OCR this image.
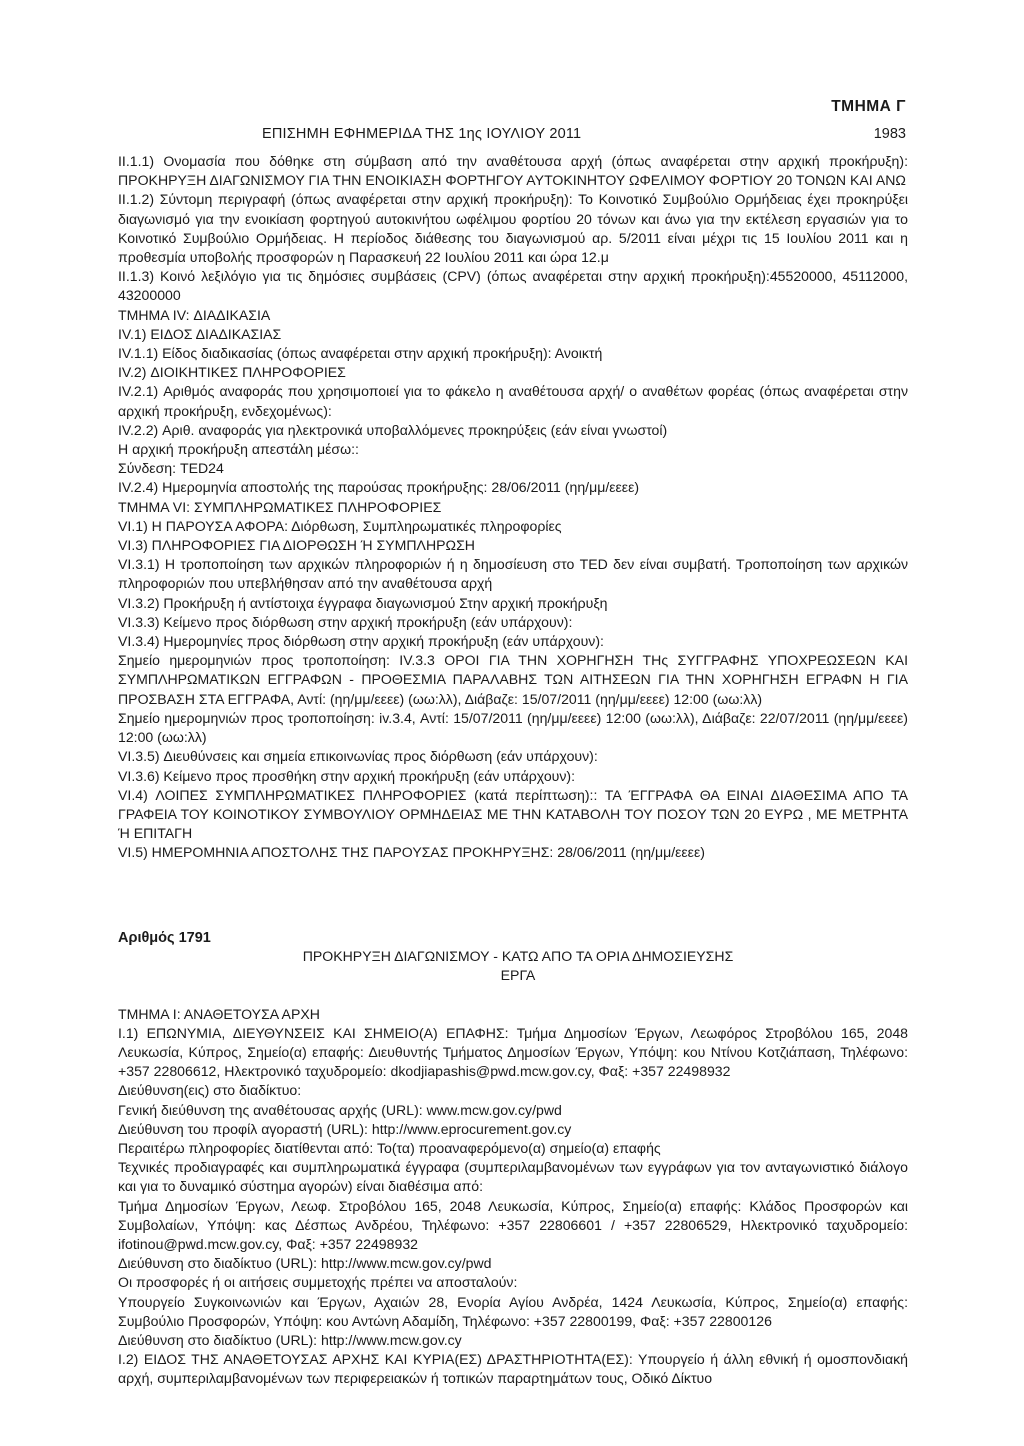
ΤΜΗΜΑ Γ
ΕΠΙΣΗΜΗ ΕΦΗΜΕΡΙΔΑ ΤΗΣ 1ης ΙΟΥΛΙΟΥ 2011	1983

ΙΙ.1.1) Ονομασία που δόθηκε στη σύμβαση από την αναθέτουσα αρχή (όπως αναφέρεται στην αρχική προκήρυξη): ΠΡΟΚΗΡΥΞΗ ΔΙΑΓΩΝΙΣΜΟΥ ΓΙΑ ΤΗΝ ΕΝΟΙΚΙΑΣΗ ΦΟΡΤΗΓΟΥ ΑΥΤΟΚΙΝΗΤΟΥ ΩΦΕΛΙΜΟΥ ΦΟΡΤΙΟΥ 20 ΤΟΝΩΝ ΚΑΙ ΑΝΩ

ΙΙ.1.2) Σύντομη περιγραφή (όπως αναφέρεται στην αρχική προκήρυξη): Το Κοινοτικό Συμβούλιο Ορμήδειας έχει προκηρύξει διαγωνισμό για την ενοικίαση φορτηγού αυτοκινήτου ωφέλιμου φορτίου 20 τόνων και άνω για την εκτέλεση εργασιών για το Κοινοτικό Συμβούλιο Ορμήδειας. Η περίοδος διάθεσης του διαγωνισμού αρ. 5/2011 είναι μέχρι τις 15 Ιουλίου 2011 και η προθεσμία υποβολής προσφορών η Παρασκευή 22 Ιουλίου 2011 και ώρα 12.μ

ΙΙ.1.3) Κοινό λεξιλόγιο για τις δημόσιες συμβάσεις (CPV) (όπως αναφέρεται στην αρχική προκήρυξη):45520000, 45112000, 43200000

ΤΜΗΜΑ IV: ΔΙΑΔΙΚΑΣΙΑ

IV.1) ΕΙΔΟΣ ΔΙΑΔΙΚΑΣΙΑΣ

IV.1.1) Είδος διαδικασίας (όπως αναφέρεται στην αρχική προκήρυξη): Ανοικτή

IV.2) ΔΙΟΙΚΗΤΙΚΕΣ ΠΛΗΡΟΦΟΡΙΕΣ

IV.2.1) Αριθμός αναφοράς που χρησιμοποιεί για το φάκελο η αναθέτουσα αρχή/ ο αναθέτων φορέας (όπως αναφέρεται στην αρχική προκήρυξη, ενδεχομένως):

IV.2.2) Αριθ. αναφοράς για ηλεκτρονικά υποβαλλόμενες προκηρύξεις (εάν είναι γνωστοί)

Η αρχική προκήρυξη απεστάλη μέσω::

Σύνδεση: TED24

IV.2.4) Ημερομηνία αποστολής της παρούσας προκήρυξης: 28/06/2011 (ηη/μμ/εεεε)

ΤΜΗΜΑ VI: ΣΥΜΠΛΗΡΩΜΑΤΙΚΕΣ ΠΛΗΡΟΦΟΡΙΕΣ

VI.1) Η ΠΑΡΟΥΣΑ ΑΦΟΡΑ: Διόρθωση, Συμπληρωματικές πληροφορίες

VI.3) ΠΛΗΡΟΦΟΡΙΕΣ ΓΙΑ ΔΙΟΡΘΩΣΗ Ή ΣΥΜΠΛΗΡΩΣΗ

VI.3.1) Η τροποποίηση των αρχικών πληροφοριών ή η δημοσίευση στο TED δεν είναι συμβατή. Τροποποίηση των αρχικών πληροφοριών που υπεβλήθησαν από την αναθέτουσα αρχή

VI.3.2) Προκήρυξη ή αντίστοιχα έγγραφα διαγωνισμού Στην αρχική προκήρυξη

VI.3.3) Κείμενο προς διόρθωση στην αρχική προκήρυξη (εάν υπάρχουν):

VI.3.4) Ημερομηνίες προς διόρθωση στην αρχική προκήρυξη (εάν υπάρχουν):

Σημείο ημερομηνιών προς τροποποίηση: IV.3.3 ΟΡΟΙ ΓΙΑ ΤΗΝ ΧΟΡΗΓΗΣΗ ΤΗς ΣΥΓΓΡΑΦΗΣ ΥΠΟΧΡΕΩΣΕΩΝ ΚΑΙ ΣΥΜΠΛΗΡΩΜΑΤΙΚΩΝ ΕΓΓΡΑΦΩΝ - ΠΡΟΘΕΣΜΙΑ ΠΑΡΑΛΑΒΗΣ ΤΩΝ ΑΙΤΗΣΕΩΝ ΓΙΑ ΤΗΝ ΧΟΡΗΓΗΣΗ ΕΓΡΑΦΝ Η ΓΙΑ ΠΡΟΣΒΑΣΗ ΣΤΑ ΕΓΓΡΑΦΑ, Αντί: (ηη/μμ/εεεε) (ωω:λλ), Διάβαζε: 15/07/2011 (ηη/μμ/εεεε) 12:00 (ωω:λλ)

Σημείο ημερομηνιών προς τροποποίηση: iv.3.4, Αντί: 15/07/2011 (ηη/μμ/εεεε) 12:00 (ωω:λλ), Διάβαζε: 22/07/2011 (ηη/μμ/εεεε) 12:00 (ωω:λλ)

VI.3.5) Διευθύνσεις και σημεία επικοινωνίας προς διόρθωση (εάν υπάρχουν):

VI.3.6) Κείμενο προς προσθήκη στην αρχική προκήρυξη (εάν υπάρχουν):

VI.4) ΛΟΙΠΕΣ ΣΥΜΠΛΗΡΩΜΑΤΙΚΕΣ ΠΛΗΡΟΦΟΡΙΕΣ (κατά περίπτωση):: ΤΑ ΈΓΓΡΑΦΑ ΘΑ ΕΙΝΑΙ ΔΙΑΘΕΣΙΜΑ ΑΠΟ ΤΑ ΓΡΑΦΕΙΑ ΤΟΥ ΚΟΙΝΟΤΙΚΟΥ ΣΥΜΒΟΥΛΙΟΥ ΟΡΜΗΔΕΙΑΣ ΜΕ ΤΗΝ ΚΑΤΑΒΟΛΗ ΤΟΥ ΠΟΣΟΥ ΤΩΝ 20 ΕΥΡΩ , ΜΕ ΜΕΤΡΗΤΑ Ή ΕΠΙΤΑΓΗ

VI.5) ΗΜΕΡΟΜΗΝΙΑ ΑΠΟΣΤΟΛΗΣ ΤΗΣ ΠΑΡΟΥΣΑΣ ΠΡΟΚΗΡΥΞΗΣ: 28/06/2011 (ηη/μμ/εεεε)

Αριθμός 1791
ΠΡΟΚΗΡΥΞΗ ΔΙΑΓΩΝΙΣΜΟΥ - ΚΑΤΩ ΑΠΟ ΤΑ ΟΡΙΑ ΔΗΜΟΣΙΕΥΣΗΣ
ΕΡΓΑ

ΤΜΗΜΑ Ι: ΑΝΑΘΕΤΟΥΣΑ ΑΡΧΗ

Ι.1) ΕΠΩΝΥΜΙΑ, ΔΙΕΥΘΥΝΣΕΙΣ ΚΑΙ ΣΗΜΕΙΟ(Α) ΕΠΑΦΗΣ: Τμήμα Δημοσίων Έργων, Λεωφόρος Στροβόλου 165, 2048 Λευκωσία, Κύπρος, Σημείο(α) επαφής: Διευθυντής Τμήματος Δημοσίων Έργων, Υπόψη: κου Ντίνου Κοτζιάπαση, Τηλέφωνο: +357 22806612, Ηλεκτρονικό ταχυδρομείο: dkodjiapashis@pwd.mcw.gov.cy, Φαξ: +357 22498932

Διεύθυνση(εις) στο διαδίκτυο:

Γενική διεύθυνση της αναθέτουσας αρχής (URL): www.mcw.gov.cy/pwd

Διεύθυνση του προφίλ αγοραστή (URL): http://www.eprocurement.gov.cy

Περαιτέρω πληροφορίες διατίθενται από: Το(τα) προαναφερόμενο(α) σημείο(α) επαφής

Τεχνικές προδιαγραφές και συμπληρωματικά έγγραφα (συμπεριλαμβανομένων των εγγράφων για τον ανταγωνιστικό διάλογο και για το δυναμικό σύστημα αγορών) είναι διαθέσιμα από:

Τμήμα Δημοσίων Έργων, Λεωφ. Στροβόλου 165, 2048 Λευκωσία, Κύπρος, Σημείο(α) επαφής: Κλάδος Προσφορών και Συμβολαίων, Υπόψη: κας Δέσπως Ανδρέου, Τηλέφωνο: +357 22806601 / +357 22806529, Ηλεκτρονικό ταχυδρομείο: ifotinou@pwd.mcw.gov.cy, Φαξ: +357 22498932

Διεύθυνση στο διαδίκτυο (URL): http://www.mcw.gov.cy/pwd

Οι προσφορές ή οι αιτήσεις συμμετοχής πρέπει να αποσταλούν:

Υπουργείο Συγκοινωνιών και Έργων, Αχαιών 28, Ενορία Αγίου Ανδρέα, 1424 Λευκωσία, Κύπρος, Σημείο(α) επαφής: Συμβούλιο Προσφορών, Υπόψη: κου Αντώνη Αδαμίδη, Τηλέφωνο: +357 22800199, Φαξ: +357 22800126

Διεύθυνση στο διαδίκτυο (URL): http://www.mcw.gov.cy

Ι.2) ΕΙΔΟΣ ΤΗΣ ΑΝΑΘΕΤΟΥΣΑΣ ΑΡΧΗΣ ΚΑΙ ΚΥΡΙΑ(ΕΣ) ΔΡΑΣΤΗΡΙΟΤΗΤΑ(ΕΣ): Υπουργείο ή άλλη εθνική ή ομοσπονδιακή αρχή, συμπεριλαμβανομένων των περιφερειακών ή τοπικών παραρτημάτων τους, Οδικό Δίκτυο
